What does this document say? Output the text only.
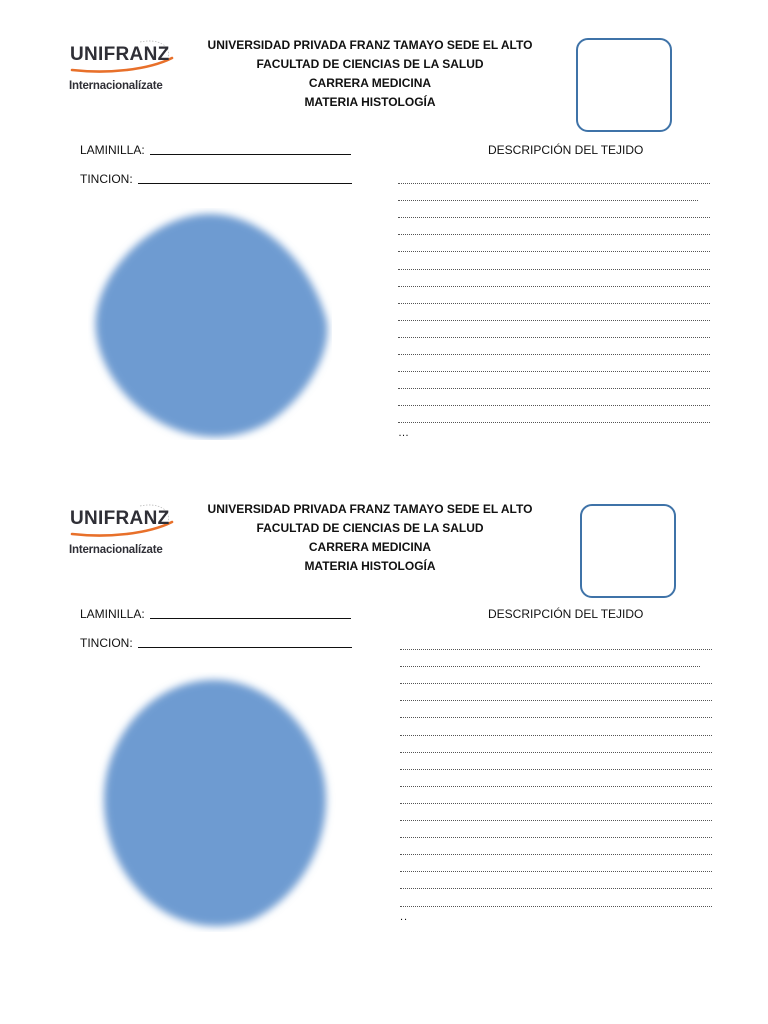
UNIFRANZ
Internacionalízate
UNIVERSIDAD PRIVADA FRANZ TAMAYO SEDE EL ALTO
FACULTAD DE CIENCIAS DE LA SALUD
CARRERA MEDICINA
MATERIA HISTOLOGÍA
LAMINILLA:
TINCION:
DESCRIPCIÓN DEL TEJIDO
…
UNIFRANZ
Internacionalízate
UNIVERSIDAD PRIVADA FRANZ TAMAYO SEDE EL ALTO
FACULTAD DE CIENCIAS DE LA SALUD
CARRERA MEDICINA
MATERIA HISTOLOGÍA
LAMINILLA:
TINCION:
DESCRIPCIÓN DEL TEJIDO
..
